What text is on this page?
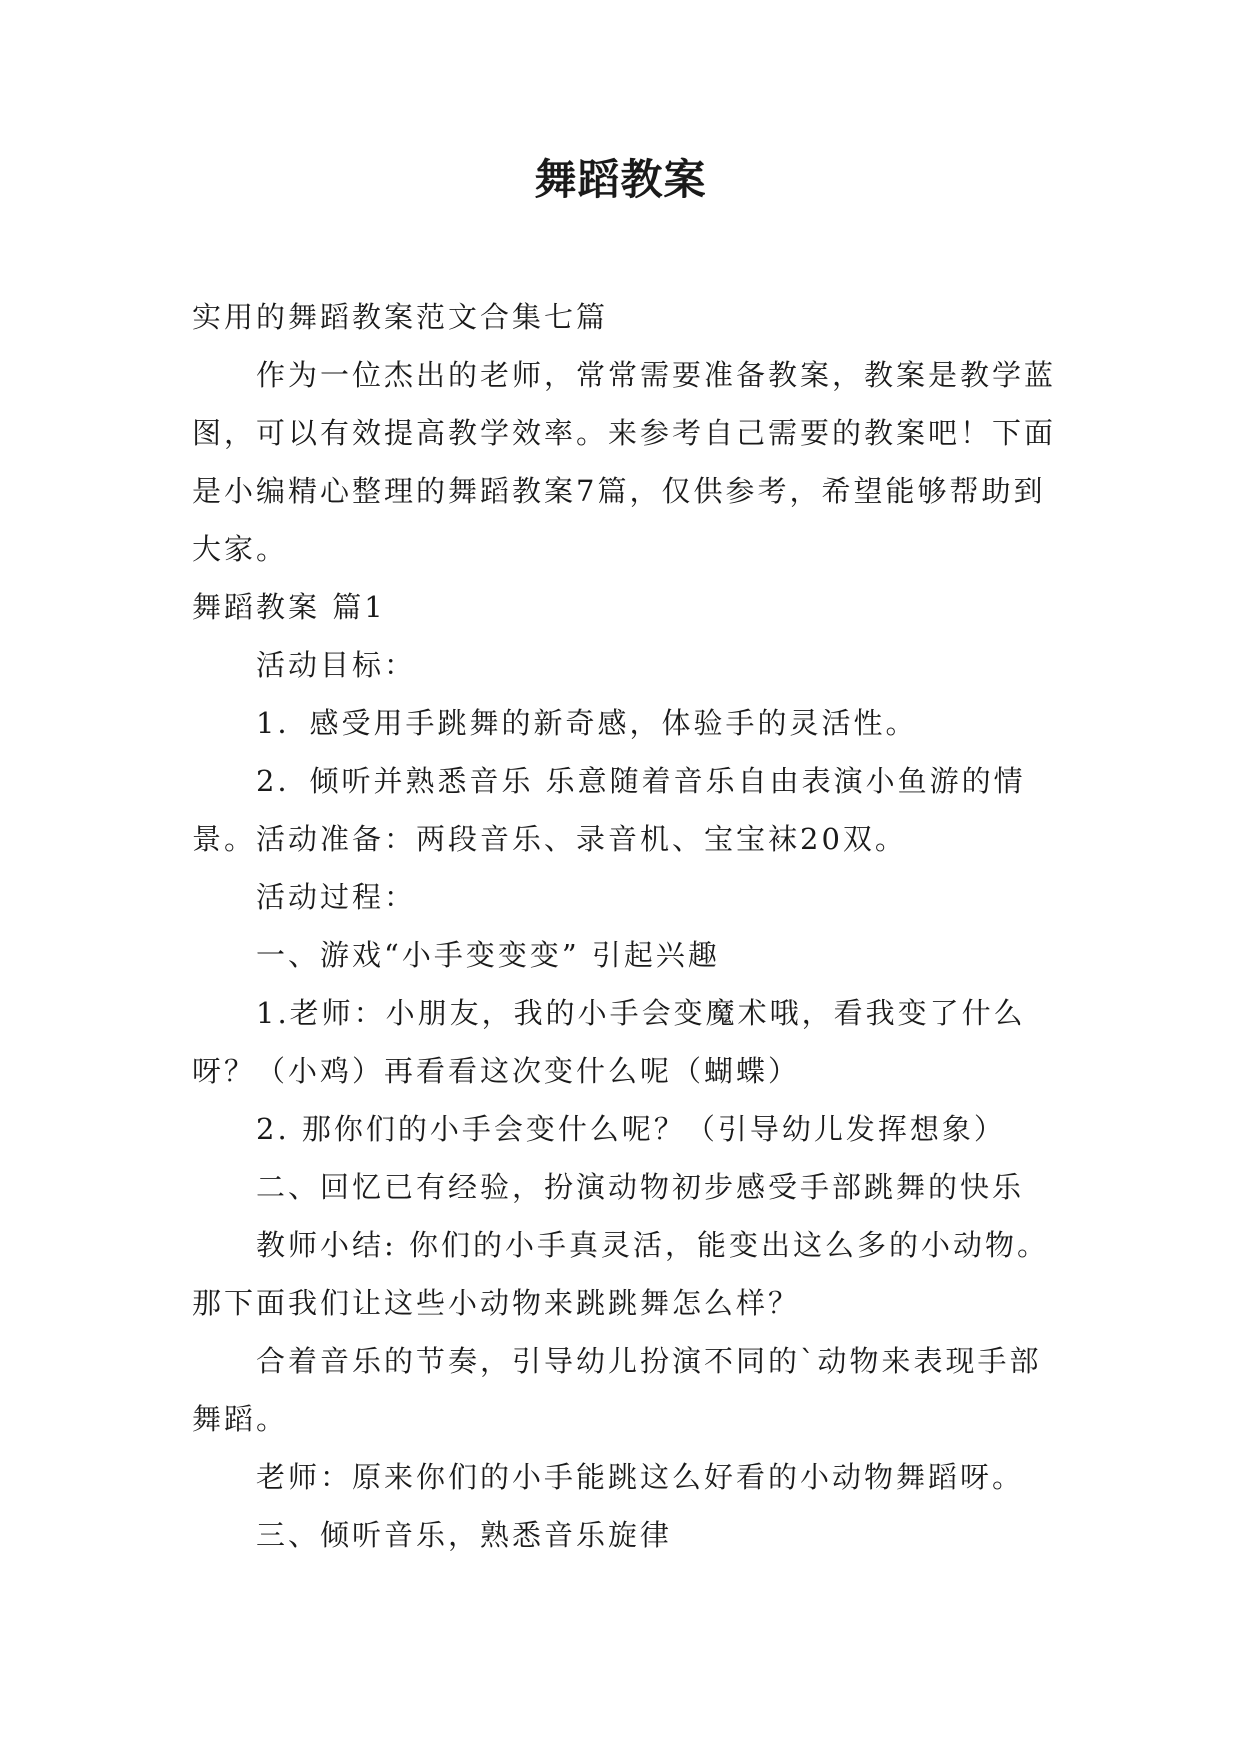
舞蹈教案

实用的舞蹈教案范文合集七篇

作为一位杰出的老师，常常需要准备教案，教案是教学蓝图，可以有效提高教学效率。来参考自己需要的教案吧！下面是小编精心整理的舞蹈教案7篇，仅供参考，希望能够帮助到大家。

舞蹈教案 篇1

活动目标：

1．感受用手跳舞的新奇感，体验手的灵活性。

2．倾听并熟悉音乐 乐意随着音乐自由表演小鱼游的情景。活动准备：两段音乐、录音机、宝宝袜20双。

活动过程：

一、游戏“小手变变变” 引起兴趣

1.老师：小朋友，我的小手会变魔术哦，看我变了什么呀？（小鸡）再看看这次变什么呢（蝴蝶）

2. 那你们的小手会变什么呢？（引导幼儿发挥想象）

二、回忆已有经验，扮演动物初步感受手部跳舞的快乐

教师小结: 你们的小手真灵活，能变出这么多的小动物。那下面我们让这些小动物来跳跳舞怎么样？

合着音乐的节奏，引导幼儿扮演不同的`动物来表现手部舞蹈。

老师：原来你们的小手能跳这么好看的小动物舞蹈呀。

三、倾听音乐，熟悉音乐旋律
